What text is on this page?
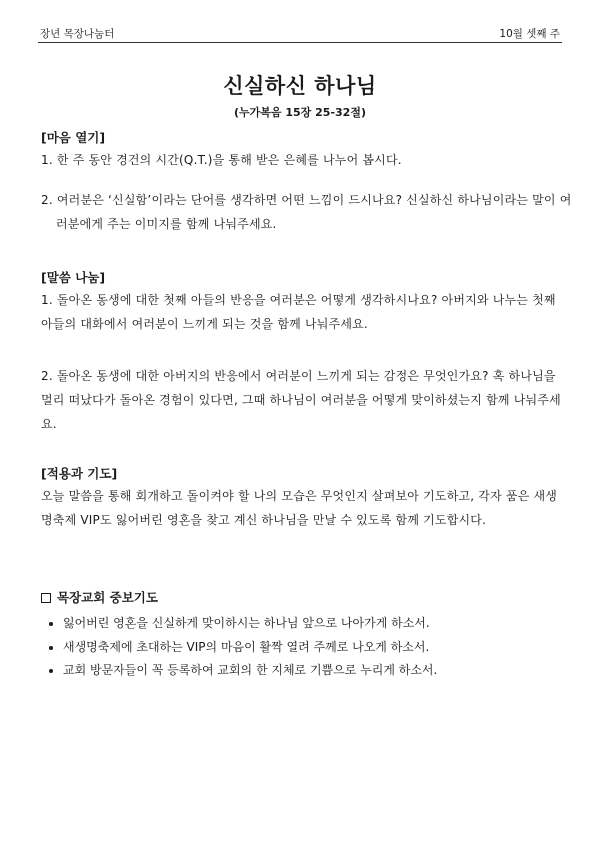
장년 목장나눔터	10월 셋째 주
신실하신 하나님
(누가복음 15장 25-32절)
[마음 열기]
1. 한 주 동안 경건의 시간(Q.T.)을 통해 받은 은혜를 나누어 봅시다.
2. 여러분은 ‘신실함’이라는 단어를 생각하면 어떤 느낌이 드시나요? 신실하신 하나님이라는 말이 여러분에게 주는 이미지를 함께 나눠주세요.
[말씀 나눔]
1. 돌아온 동생에 대한 첫째 아들의 반응을 여러분은 어떻게 생각하시나요? 아버지와 나누는 첫째 아들의 대화에서 여러분이 느끼게 되는 것을 함께 나눠주세요.
2. 돌아온 동생에 대한 아버지의 반응에서 여러분이 느끼게 되는 감정은 무엇인가요? 혹 하나님을 멀리 떠났다가 돌아온 경험이 있다면, 그때 하나님이 여러분을 어떻게 맞이하셨는지 함께 나눠주세요.
[적용과 기도]
오늘 말씀을 통해 회개하고 돌이켜야 할 나의 모습은 무엇인지 살펴보아 기도하고, 각자 품은 새생명축제 VIP도 잃어버린 영혼을 찾고 계신 하나님을 만날 수 있도록 함께 기도합시다.
목장교회 중보기도
잃어버린 영혼을 신실하게 맞이하시는 하나님 앞으로 나아가게 하소서.
새생명축제에 초대하는 VIP의 마음이 활짝 열려 주께로 나오게 하소서.
교회 방문자들이 꼭 등록하여 교회의 한 지체로 기쁨으로 누리게 하소서.
